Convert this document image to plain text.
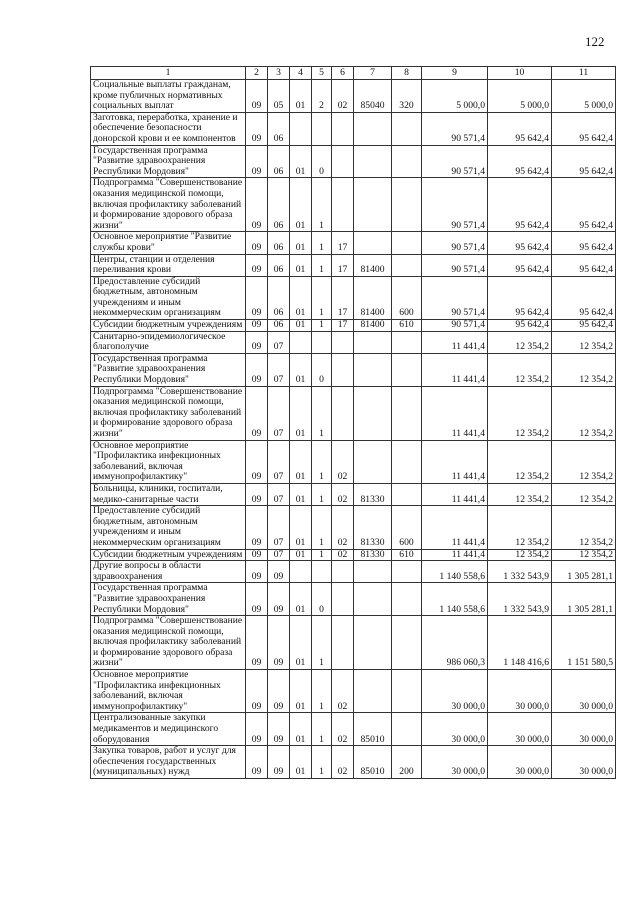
122
1	2	3	4	5	6	7	8	9	10	11
Социальные выплаты гражданам, кроме публичных нормативных социальных выплат	09	05	01	2	02	85040	320	5 000,0	5 000,0	5 000,0
Заготовка, переработка, хранение и обеспечение безопасности донорской крови и ее компонентов	09	06						90 571,4	95 642,4	95 642,4
Государственная программа "Развитие здравоохранения Республики Мордовия"	09	06	01	0				90 571,4	95 642,4	95 642,4
Подпрограмма "Совершенствование оказания медицинской помощи, включая профилактику заболеваний и формирование здорового образа жизни"	09	06	01	1				90 571,4	95 642,4	95 642,4
Основное мероприятие "Развитие службы крови"	09	06	01	1	17			90 571,4	95 642,4	95 642,4
Центры, станции и отделения переливания крови	09	06	01	1	17	81400		90 571,4	95 642,4	95 642,4
Предоставление субсидий бюджетным, автономным учреждениям и иным некоммерческим организациям	09	06	01	1	17	81400	600	90 571,4	95 642,4	95 642,4
Субсидии бюджетным учреждениям	09	06	01	1	17	81400	610	90 571,4	95 642,4	95 642,4
Санитарно-эпидемиологическое благополучие	09	07						11 441,4	12 354,2	12 354,2
Государственная программа "Развитие здравоохранения Республики Мордовия"	09	07	01	0				11 441,4	12 354,2	12 354,2
Подпрограмма "Совершенствование оказания медицинской помощи, включая профилактику заболеваний и формирование здорового образа жизни"	09	07	01	1				11 441,4	12 354,2	12 354,2
Основное мероприятие "Профилактика инфекционных заболеваний, включая иммунопрофилактику"	09	07	01	1	02			11 441,4	12 354,2	12 354,2
Больницы, клиники, госпитали, медико-санитарные части	09	07	01	1	02	81330		11 441,4	12 354,2	12 354,2
Предоставление субсидий бюджетным, автономным учреждениям и иным некоммерческим организациям	09	07	01	1	02	81330	600	11 441,4	12 354,2	12 354,2
Субсидии бюджетным учреждениям	09	07	01	1	02	81330	610	11 441,4	12 354,2	12 354,2
Другие вопросы в области здравоохранения	09	09						1 140 558,6	1 332 543,9	1 305 281,1
Государственная программа "Развитие здравоохранения Республики Мордовия"	09	09	01	0				1 140 558,6	1 332 543,9	1 305 281,1
Подпрограмма "Совершенствование оказания медицинской помощи, включая профилактику заболеваний и формирование здорового образа жизни"	09	09	01	1				986 060,3	1 148 416,6	1 151 580,5
Основное мероприятие "Профилактика инфекционных заболеваний, включая иммунопрофилактику"	09	09	01	1	02			30 000,0	30 000,0	30 000,0
Централизованные закупки медикаментов и медицинского оборудования	09	09	01	1	02	85010		30 000,0	30 000,0	30 000,0
Закупка товаров, работ и услуг для обеспечения государственных (муниципальных) нужд	09	09	01	1	02	85010	200	30 000,0	30 000,0	30 000,0
